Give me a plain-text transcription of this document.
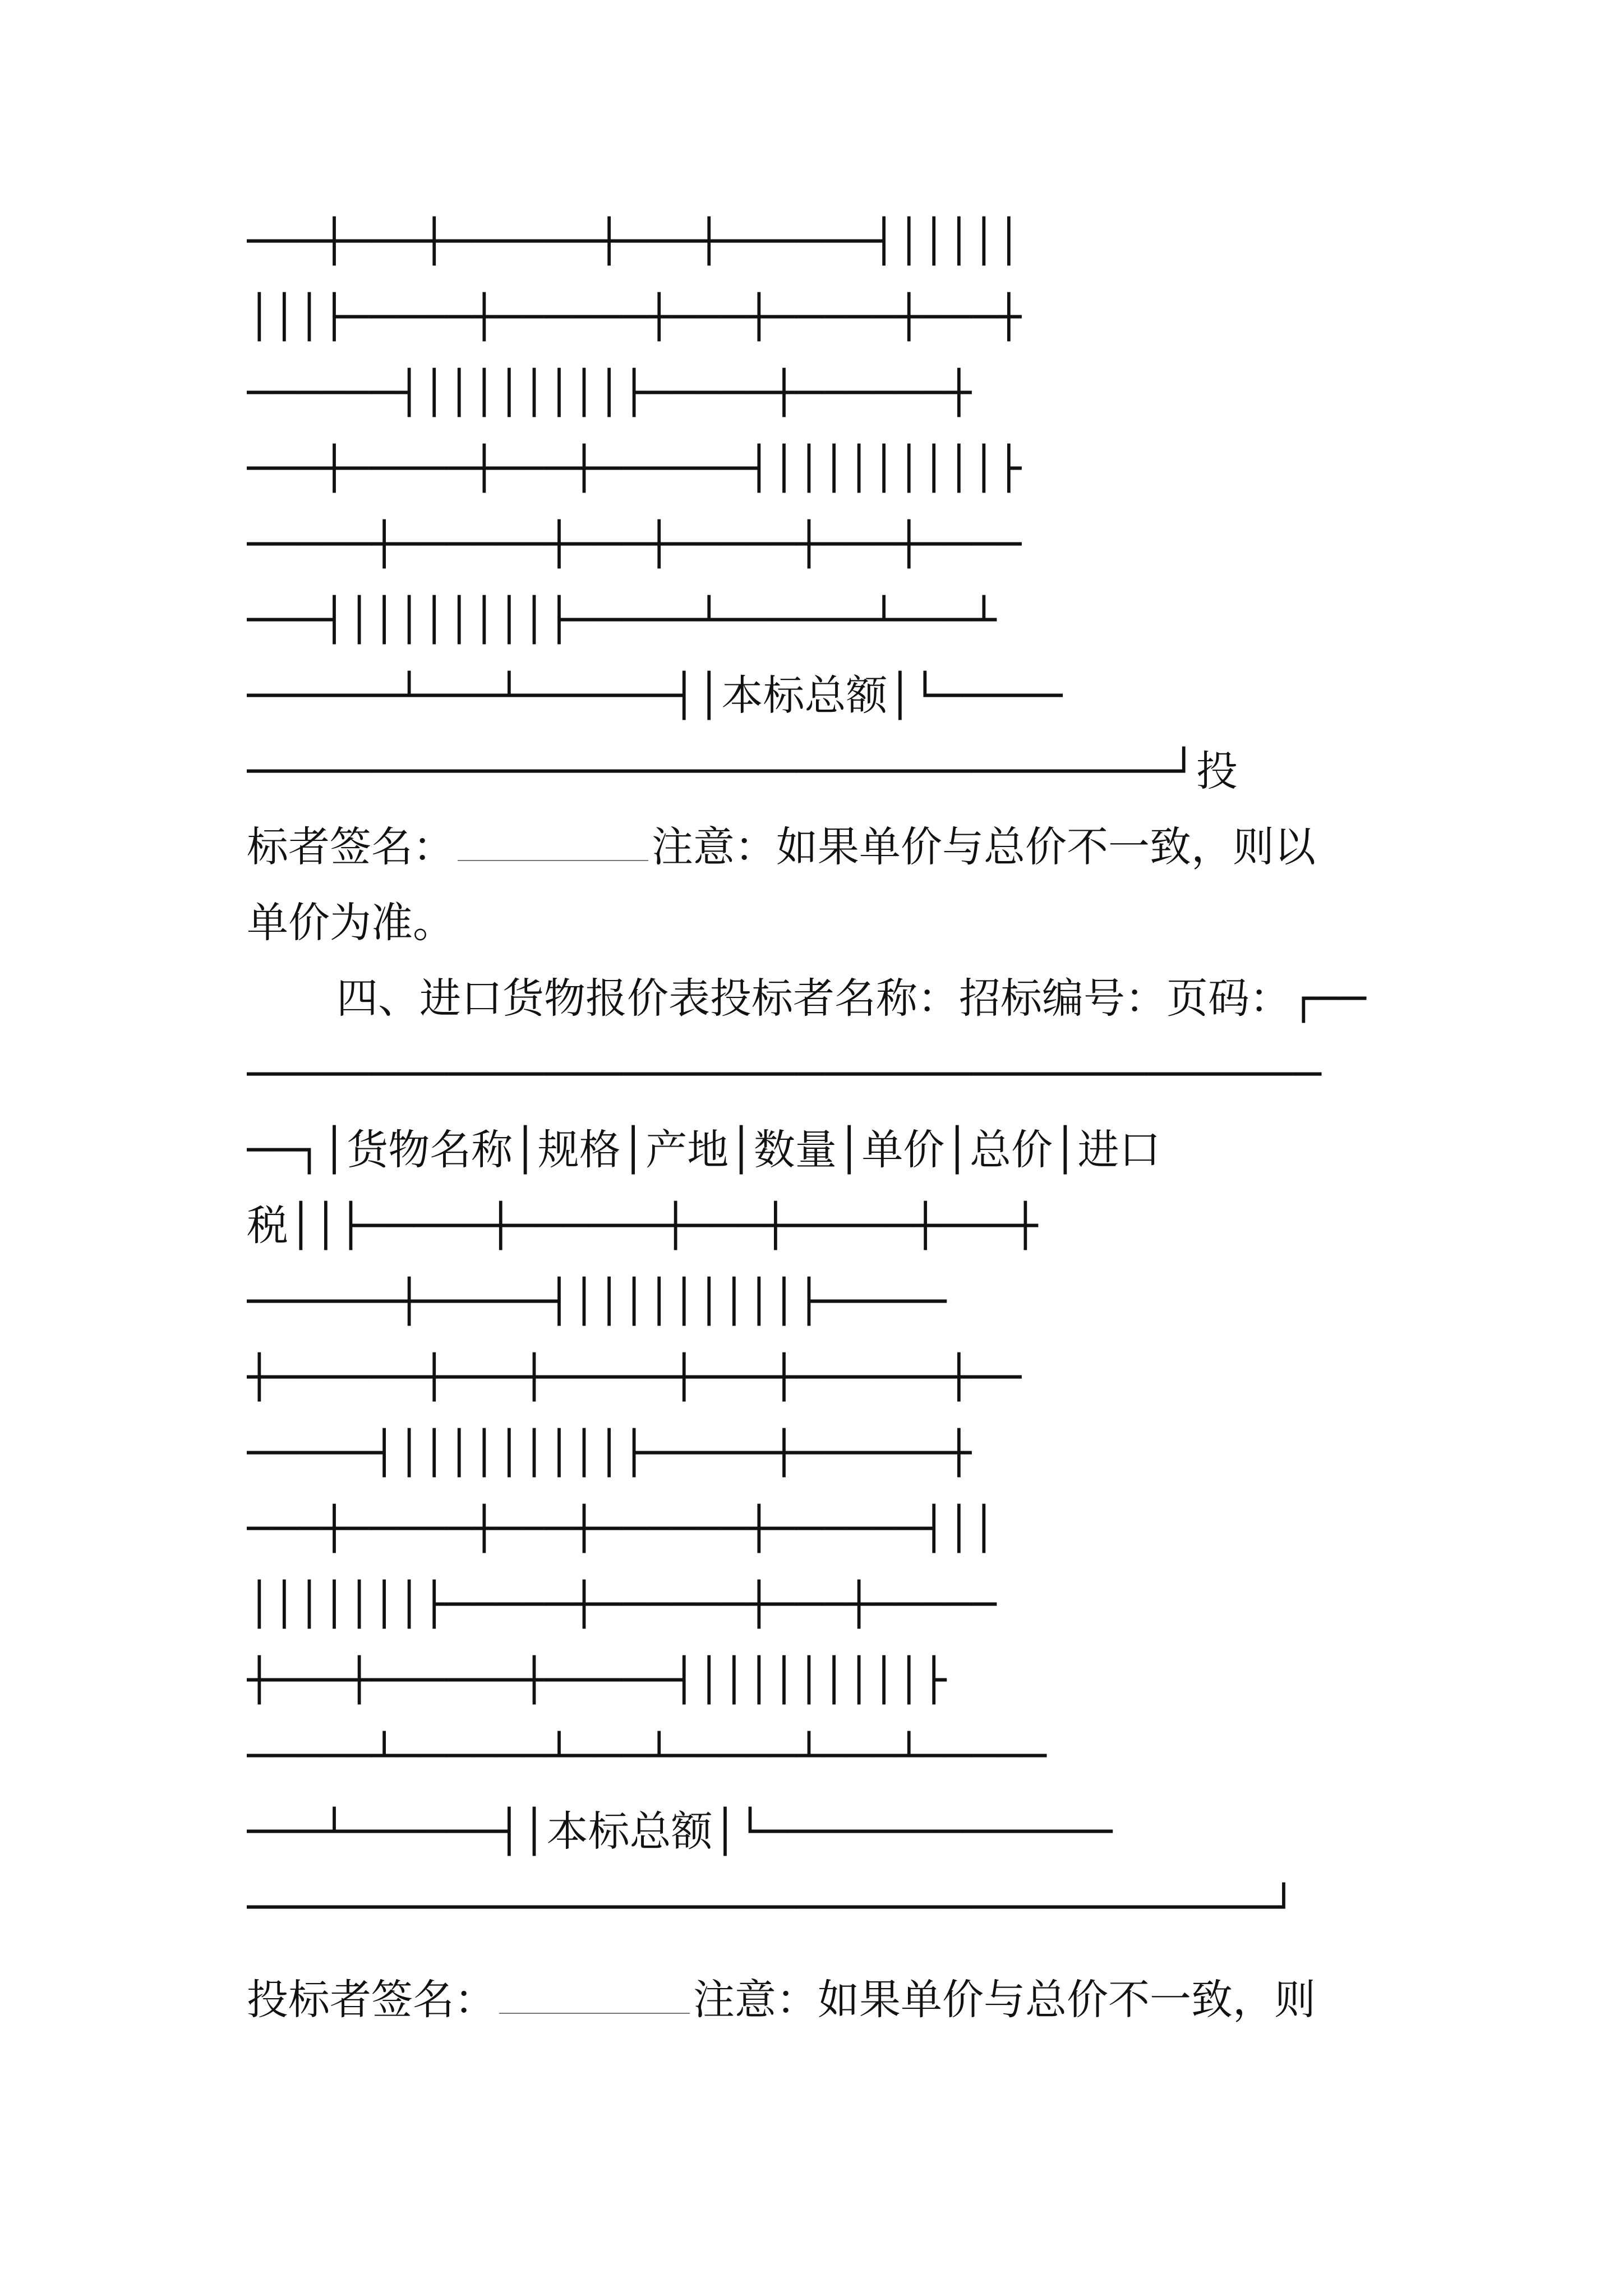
───┼───┼──────┼───┼──────┤│││││
│││├─────┼──────┼───┼─────┼───┼
──────┤││││││││├─────┼──────┼
───┼─────┼───┼──────┤│││││││││├
─────┼──────┼───┼─────┼───┼────
───┤││││││││├─────┴──────┴───┴
──────┴───┴──────┤│本标总额│└─────
─────────────────────────────────────┘投
标者签名：	注意：如果单价与总价不一致，则以
单价为准。
四、进口货物报价表投标者名称：招标编号：页码：┌──
───────────────────────────────────────────
──┐│货物名称│规格│产地│数量│单价│总价│进口
税││├─────┼──────┼───┼─────┼───┼
──────┼─────┤│││││││││├─────
┼──────┼───┼─────┼───┼──────┼──
─────┤│││││││││├─────┼──────┼
───┼─────┼───┼──────┼──────┤││
│││││││├─────┼──────┼───┼─────
┼───┼──────┼─────┤│││││││││├
─────┴──────┴───┴─────┴───┴─────
───┴──────┤│本标总额│└──────────────
─────────────────────────────────────────┘
投标者签名：	注意：如果单价与总价不一致，则
